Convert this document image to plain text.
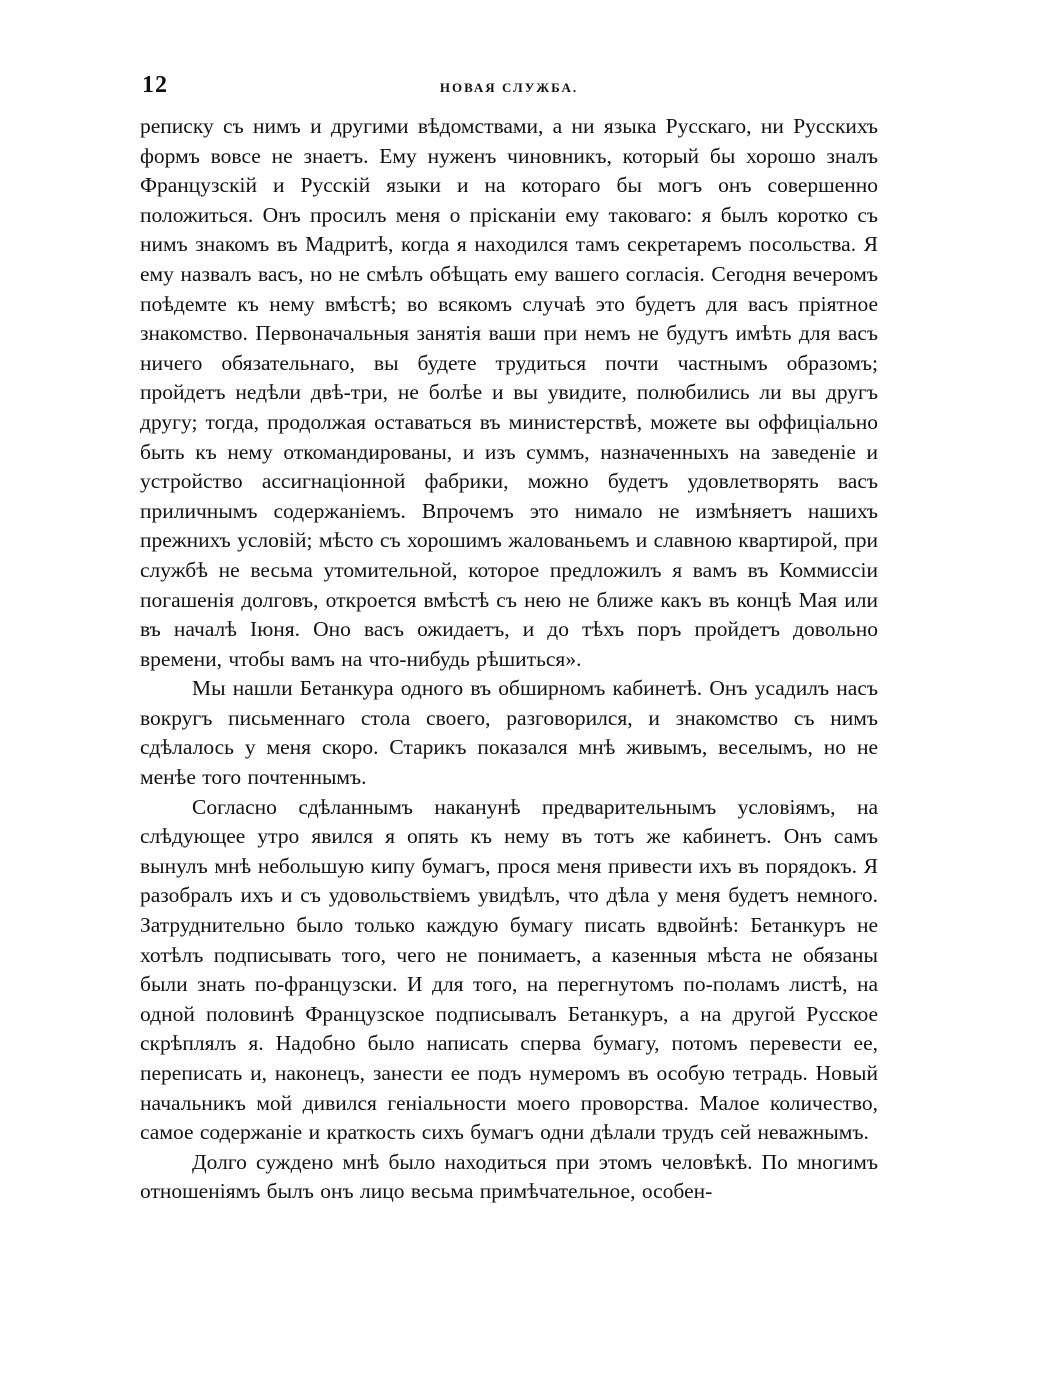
12	НОВАЯ СЛУЖБА.

реписку съ нимъ и другими вѣдомствами, а ни языка Русскаго, ни Русскихъ формъ вовсе не знаетъ. Ему нуженъ чиновникъ, который бы хорошо зналъ Французскій и Русскій языки и на котораго бы могъ онъ совершенно положиться. Онъ просилъ меня о прісканіи ему таковаго: я былъ коротко съ нимъ знакомъ въ Мадритѣ, когда я находился тамъ секретаремъ посольства. Я ему назвалъ васъ, но не смѣлъ обѣщать ему вашего согласія. Сегодня вечеромъ поѣдемте къ нему вмѣстѣ; во всякомъ случаѣ это будетъ для васъ пріятное знакомство. Первоначальныя занятія ваши при немъ не будутъ имѣть для васъ ничего обязательнаго, вы будете трудиться почти частнымъ образомъ; пройдетъ недѣли двѣ-три, не болѣе и вы увидите, полюбились ли вы другъ другу; тогда, продолжая оставаться въ министерствѣ, можете вы оффиціально быть къ нему откомандированы, и изъ суммъ, назначенныхъ на заведеніе и устройство ассигнаціонной фабрики, можно будетъ удовлетворять васъ приличнымъ содержаніемъ. Впрочемъ это нимало не измѣняетъ нашихъ прежнихъ условій; мѣсто съ хорошимъ жалованьемъ и славною квартирой, при службѣ не весьма утомительной, которое предложилъ я вамъ въ Коммиссіи погашенія долговъ, откроется вмѣстѣ съ нею не ближе какъ въ концѣ Мая или въ началѣ Іюня. Оно васъ ожидаетъ, и до тѣхъ поръ пройдетъ довольно времени, чтобы вамъ на что-нибудь рѣшиться».

Мы нашли Бетанкура одного въ обширномъ кабинетѣ. Онъ усадилъ насъ вокругъ письменнаго стола своего, разговорился, и знакомство съ нимъ сдѣлалось у меня скоро. Старикъ показался мнѣ живымъ, веселымъ, но не менѣе того почтеннымъ.

Согласно сдѣланнымъ наканунѣ предварительнымъ условіямъ, на слѣдующее утро явился я опять къ нему въ тотъ же кабинетъ. Онъ самъ вынулъ мнѣ небольшую кипу бумагъ, прося меня привести ихъ въ порядокъ. Я разобралъ ихъ и съ удовольствіемъ увидѣлъ, что дѣла у меня будетъ немного. Затруднительно было только каждую бумагу писать вдвойнѣ: Бетанкуръ не хотѣлъ подписывать того, чего не понимаетъ, а казенныя мѣста не обязаны были знать по-французски. И для того, на перегнутомъ по-поламъ листѣ, на одной половинѣ Французское подписывалъ Бетанкуръ, а на другой Русское скрѣплялъ я. Надобно было написать сперва бумагу, потомъ перевести ее, переписать и, наконецъ, занести ее подъ нумеромъ въ особую тетрадь. Новый начальникъ мой дивился геніальности моего проворства. Малое количество, самое содержаніе и краткость сихъ бумагъ одни дѣлали трудъ сей неважнымъ.

Долго суждено мнѣ было находиться при этомъ человѣкѣ. По многимъ отношеніямъ былъ онъ лицо весьма примѣчательное, особен-
